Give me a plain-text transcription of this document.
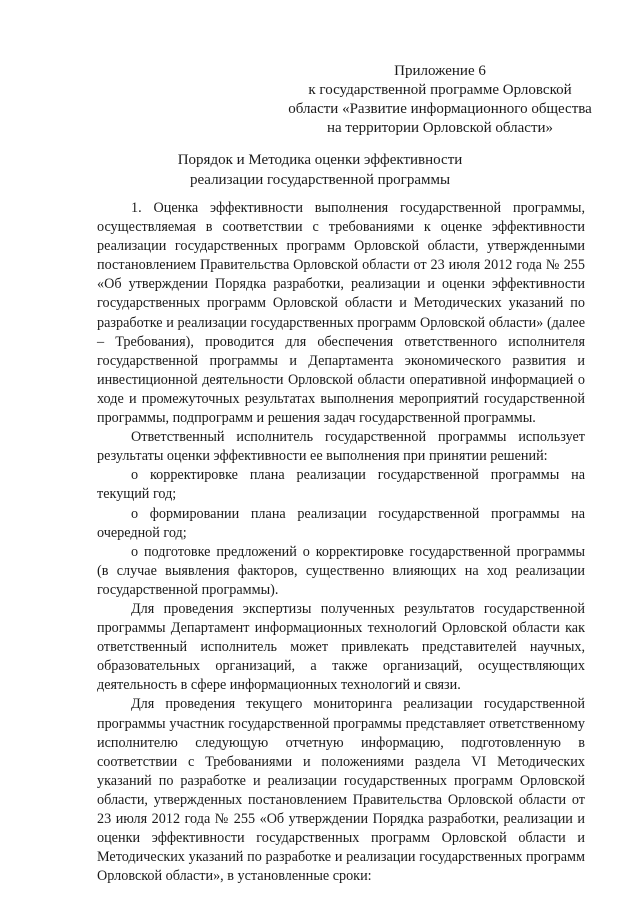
Приложение 6
к государственной программе Орловской
области «Развитие информационного общества
на территории Орловской области»
Порядок и Методика оценки эффективности
реализации государственной программы

1. Оценка эффективности выполнения государственной программы, осуществляемая в соответствии с требованиями к оценке эффективности реализации государственных программ Орловской области, утвержденными постановлением Правительства Орловской области от 23 июля 2012 года № 255 «Об утверждении Порядка разработки, реализации и оценки эффективности государственных программ Орловской области и Методических указаний по разработке и реализации государственных программ Орловской области» (далее – Требования), проводится для обеспечения ответственного исполнителя государственной программы и Департамента экономического развития и инвестиционной деятельности Орловской области оперативной информацией о ходе и промежуточных результатах выполнения мероприятий государственной программы, подпрограмм и решения задач государственной программы.

Ответственный исполнитель государственной программы использует результаты оценки эффективности ее выполнения при принятии решений:

о корректировке плана реализации государственной программы на текущий год;

о формировании плана реализации государственной программы на очередной год;

о подготовке предложений о корректировке государственной программы (в случае выявления факторов, существенно влияющих на ход реализации государственной программы).

Для проведения экспертизы полученных результатов государственной программы Департамент информационных технологий Орловской области как ответственный исполнитель может привлекать представителей научных, образовательных организаций, а также организаций, осуществляющих деятельность в сфере информационных технологий и связи.

Для проведения текущего мониторинга реализации государственной программы участник государственной программы представляет ответственному исполнителю следующую отчетную информацию, подготовленную в соответствии с Требованиями и положениями раздела VI Методических указаний по разработке и реализации государственных программ Орловской области, утвержденных постановлением Правительства Орловской области от 23 июля 2012 года № 255 «Об утверждении Порядка разработки, реализации и оценки эффективности государственных программ Орловской области и Методических указаний по разработке и реализации государственных программ Орловской области», в установленные сроки:
